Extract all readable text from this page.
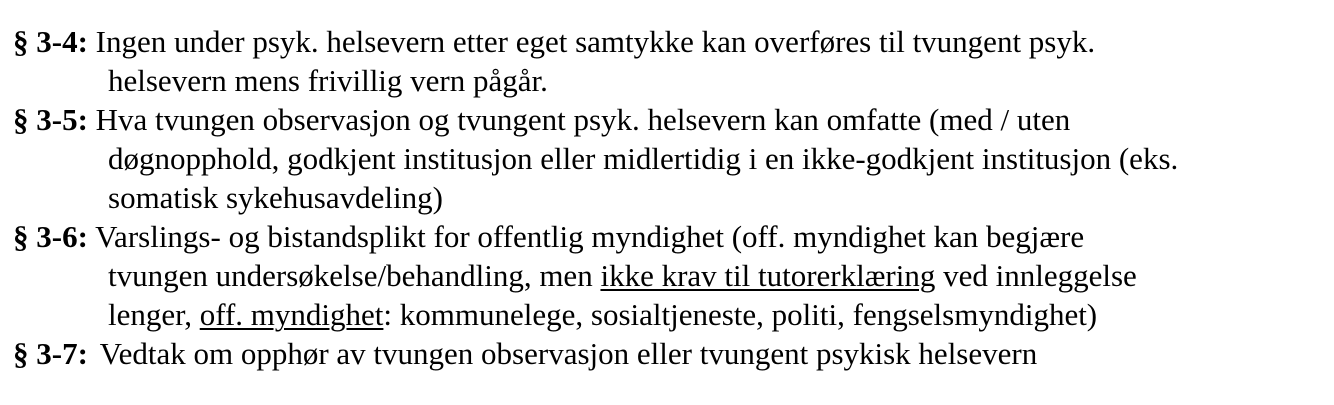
§ 3-4: Ingen under psyk. helsevern etter eget samtykke kan overføres til tvungent psyk.
helsevern mens frivillig vern pågår.

§ 3-5: Hva tvungen observasjon og tvungent psyk. helsevern kan omfatte (med / uten
døgnopphold, godkjent institusjon eller midlertidig i en ikke-godkjent institusjon (eks.
somatisk sykehusavdeling)

§ 3-6: Varslings- og bistandsplikt for offentlig myndighet (off. myndighet kan begjære
tvungen undersøkelse/behandling, men ikke krav til tutorerklæring ved innleggelse
lenger, off. myndighet: kommunelege, sosialtjeneste, politi, fengselsmyndighet)

§ 3-7: Vedtak om opphør av tvungen observasjon eller tvungent psykisk helsevern
